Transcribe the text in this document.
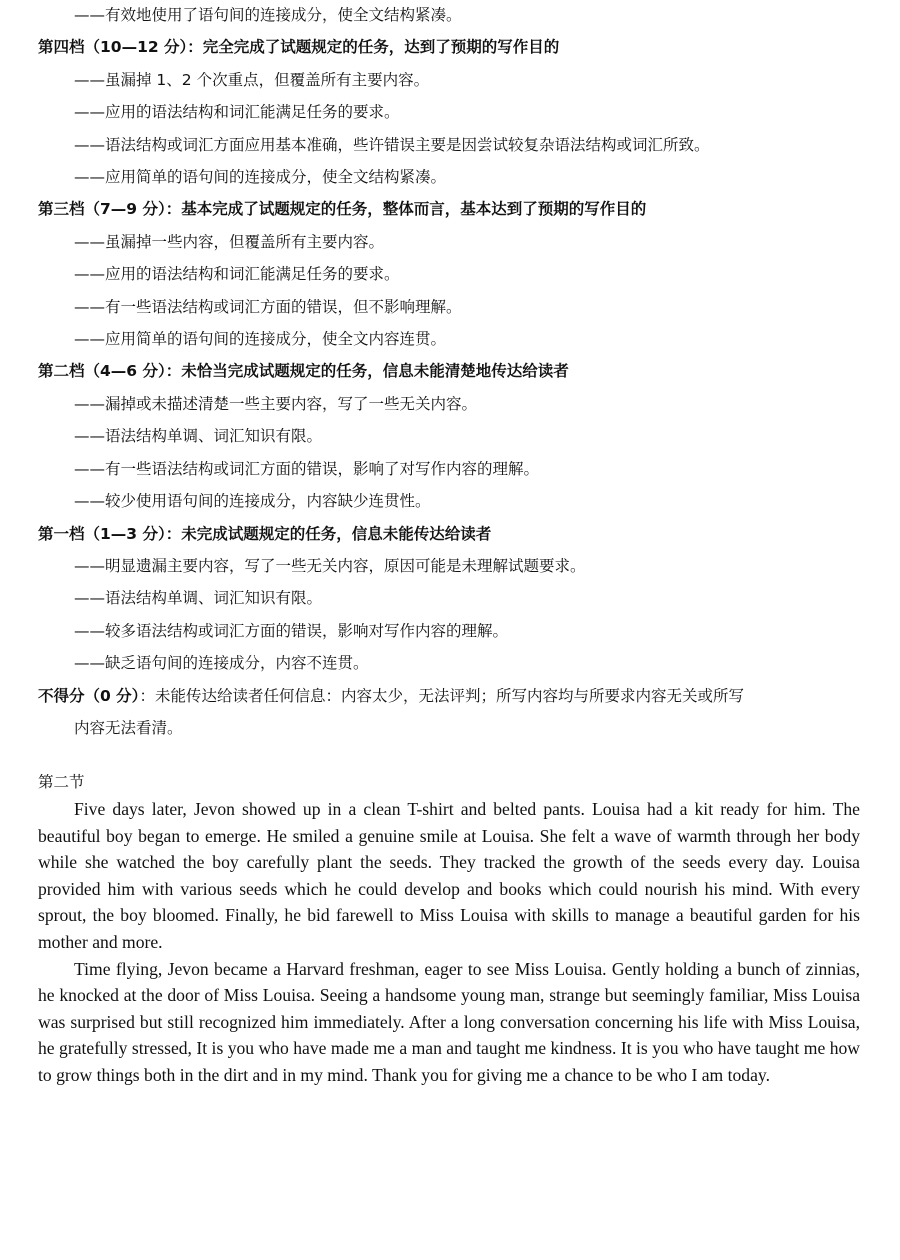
——有效地使用了语句间的连接成分，使全文结构紧凑。
第四档（10—12 分）：完全完成了试题规定的任务，达到了预期的写作目的
——虽漏掉 1、2 个次重点，但覆盖所有主要内容。
——应用的语法结构和词汇能满足任务的要求。
——语法结构或词汇方面应用基本准确，些许错误主要是因尝试较复杂语法结构或词汇所致。
——应用简单的语句间的连接成分，使全文结构紧凑。
第三档（7—9 分）：基本完成了试题规定的任务，整体而言，基本达到了预期的写作目的
——虽漏掉一些内容，但覆盖所有主要内容。
——应用的语法结构和词汇能满足任务的要求。
——有一些语法结构或词汇方面的错误，但不影响理解。
——应用简单的语句间的连接成分，使全文内容连贯。
第二档（4—6 分）：未恰当完成试题规定的任务，信息未能清楚地传达给读者
——漏掉或未描述清楚一些主要内容，写了一些无关内容。
——语法结构单调、词汇知识有限。
——有一些语法结构或词汇方面的错误，影响了对写作内容的理解。
——较少使用语句间的连接成分，内容缺少连贯性。
第一档（1—3 分）：未完成试题规定的任务，信息未能传达给读者
——明显遗漏主要内容，写了一些无关内容，原因可能是未理解试题要求。
——语法结构单调、词汇知识有限。
——较多语法结构或词汇方面的错误，影响对写作内容的理解。
——缺乏语句间的连接成分，内容不连贯。
不得分（0 分）：未能传达给读者任何信息：内容太少，无法评判；所写内容均与所要求内容无关或所写
内容无法看清。
第二节

Five days later, Jevon showed up in a clean T-shirt and belted pants. Louisa had a kit ready for him. The beautiful boy began to emerge. He smiled a genuine smile at Louisa. She felt a wave of warmth through her body while she watched the boy carefully plant the seeds. They tracked the growth of the seeds every day. Louisa provided him with various seeds which he could develop and books which could nourish his mind. With every sprout, the boy bloomed. Finally, he bid farewell to Miss Louisa with skills to manage a beautiful garden for his mother and more.

Time flying, Jevon became a Harvard freshman, eager to see Miss Louisa. Gently holding a bunch of zinnias, he knocked at the door of Miss Louisa. Seeing a handsome young man, strange but seemingly familiar, Miss Louisa was surprised but still recognized him immediately. After a long conversation concerning his life with Miss Louisa, he gratefully stressed, It is you who have made me a man and taught me kindness. It is you who have taught me how to grow things both in the dirt and in my mind. Thank you for giving me a chance to be who I am today.
